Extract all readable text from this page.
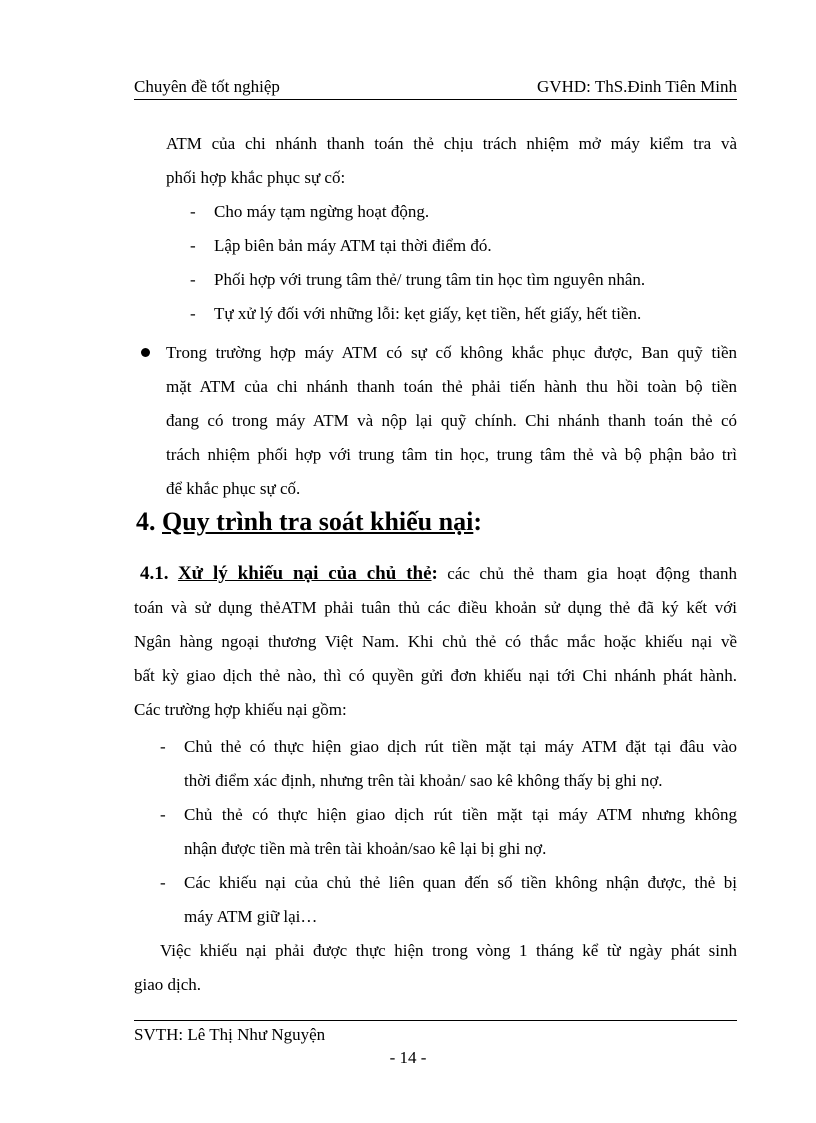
Chuyên đề tốt nghiệp	GVHD: ThS.Đinh Tiên Minh
ATM của chi nhánh thanh toán thẻ chịu trách nhiệm mở máy kiểm tra và
phối hợp khắc phục sự cố:
- Cho máy tạm ngừng hoạt động.
- Lập biên bản máy ATM tại thời điểm đó.
- Phối hợp với trung tâm thẻ/ trung tâm tin học tìm nguyên nhân.
- Tự xử lý đối với những lỗi: kẹt giấy, kẹt tiền, hết giấy, hết tiền.
Trong trường hợp máy ATM có sự cố không khắc phục được, Ban quỹ tiền
mặt ATM của chi nhánh thanh toán thẻ phải tiến hành thu hồi toàn bộ tiền
đang có trong máy ATM và nộp lại quỹ chính. Chi nhánh thanh toán thẻ có
trách nhiệm phối hợp với trung tâm tin học, trung tâm thẻ và bộ phận bảo trì
để khắc phục sự cố.
4. Quy trình tra soát khiếu nại:
4.1. Xử lý khiếu nại của chủ thẻ: các chủ thẻ tham gia hoạt động thanh
toán và sử dụng thẻATM phải tuân thủ các điều khoản sử dụng thẻ đã ký kết với
Ngân hàng ngoại thương Việt Nam. Khi chủ thẻ có thắc mắc hoặc khiếu nại về
bất kỳ giao dịch thẻ nào, thì có quyền gửi đơn khiếu nại tới Chi nhánh phát hành.
Các trường hợp khiếu nại gồm:
- Chủ thẻ có thực hiện giao dịch rút tiền mặt tại máy ATM đặt tại đâu vào
thời điểm xác định, nhưng trên tài khoản/ sao kê không thấy bị ghi nợ.
- Chủ thẻ có thực hiện giao dịch rút tiền mặt tại máy ATM nhưng không
nhận được tiền mà trên tài khoản/sao kê lại bị ghi nợ.
- Các khiếu nại của chủ thẻ liên quan đến số tiền không nhận được, thẻ bị
máy ATM giữ lại…
Việc khiếu nại phải được thực hiện trong vòng 1 tháng kể từ ngày phát sinh
giao dịch.
SVTH: Lê Thị Như Nguyện
- 14 -
